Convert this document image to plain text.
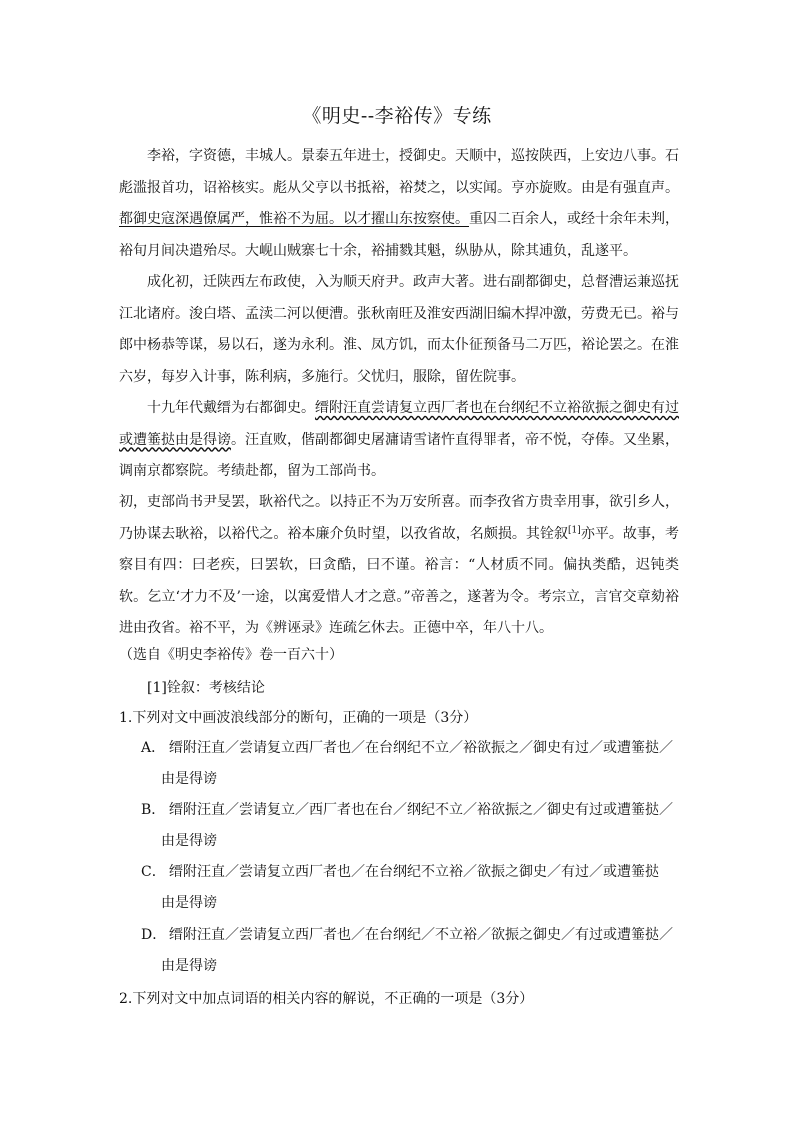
《明史--李裕传》专练

李裕，字资德，丰城人。景泰五年进士，授御史。天顺中，巡按陕西，上安边八事。石彪滥报首功，诏裕核实。彪从父亨以书抵裕，裕焚之，以实闻。亨亦旋败。由是有强直声。都御史寇深遇僚属严，惟裕不为屈。以才擢山东按察使。重囚二百余人，或经十余年未判，裕旬月间决遣殆尽。大岘山贼寨七十余，裕捕戮其魁，纵胁从，除其逋负，乱遂平。

成化初，迁陕西左布政使，入为顺天府尹。政声大著。进右副都御史，总督漕运兼巡抚江北诸府。浚白塔、孟渎二河以便漕。张秋南旺及淮安西湖旧编木捍冲激，劳费无已。裕与郎中杨恭等谋，易以石，遂为永利。淮、凤方饥，而太仆征预备马二万匹，裕论罢之。在淮六岁，每岁入计事，陈利病，多施行。父忧归，服除，留佐院事。

十九年代戴缙为右都御史。缙附汪直尝请复立西厂者也在台纲纪不立裕欲振之御史有过或遭箠挞由是得谤。汪直败，偕副都御史屠滽请雪诸忤直得罪者，帝不悦，夺俸。又坐累，调南京都察院。考绩赴都，留为工部尚书。

初，吏部尚书尹旻罢，耿裕代之。以持正不为万安所喜。而李孜省方贵幸用事，欲引乡人，乃协谋去耿裕，以裕代之。裕本廉介负时望，以孜省故，名颇损。其铨叙[1]亦平。故事，考察目有四：曰老疾，曰罢软，曰贪酷，曰不谨。裕言：“人材质不同。偏执类酷，迟钝类软。乞立‘才力不及’一途，以寓爱惜人才之意。”帝善之，遂著为令。考宗立，言官交章劾裕进由孜省。裕不平，为《辨诬录》连疏乞休去。正德中卒，年八十八。

（选自《明史李裕传》卷一百六十）
[1]铨叙：考核结论
1.下列对文中画波浪线部分的断句，正确的一项是（3分）
A． 缙附汪直／尝请复立西厂者也／在台纲纪不立／裕欲振之／御史有过／或遭箠挞／
由是得谤
B． 缙附汪直／尝请复立／西厂者也在台／纲纪不立／裕欲振之／御史有过或遭箠挞／
由是得谤
C． 缙附汪直／尝请复立西厂者也／在台纲纪不立裕／欲振之御史／有过／或遭箠挞
由是得谤
D． 缙附汪直／尝请复立西厂者也／在台纲纪／不立裕／欲振之御史／有过或遭箠挞／
由是得谤
2.下列对文中加点词语的相关内容的解说，不正确的一项是（3分）
